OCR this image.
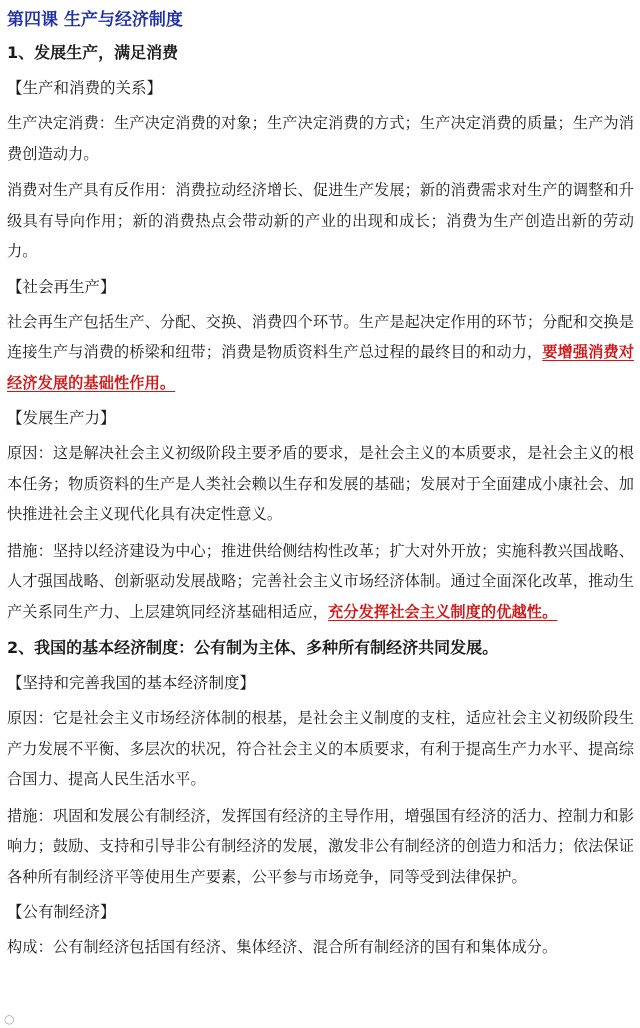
第四课 生产与经济制度
1、发展生产，满足消费
【生产和消费的关系】

生产决定消费：生产决定消费的对象；生产决定消费的方式；生产决定消费的质量；生产为消费创造动力。

消费对生产具有反作用：消费拉动经济增长、促进生产发展；新的消费需求对生产的调整和升级具有导向作用；新的消费热点会带动新的产业的出现和成长；消费为生产创造出新的劳动力。

【社会再生产】

社会再生产包括生产、分配、交换、消费四个环节。生产是起决定作用的环节；分配和交换是连接生产与消费的桥梁和纽带；消费是物质资料生产总过程的最终目的和动力，要增强消费对经济发展的基础性作用。

【发展生产力】

原因：这是解决社会主义初级阶段主要矛盾的要求，是社会主义的本质要求，是社会主义的根本任务；物质资料的生产是人类社会赖以生存和发展的基础；发展对于全面建成小康社会、加快推进社会主义现代化具有决定性意义。

措施：坚持以经济建设为中心；推进供给侧结构性改革；扩大对外开放；实施科教兴国战略、人才强国战略、创新驱动发展战略；完善社会主义市场经济体制。通过全面深化改革，推动生产关系同生产力、上层建筑同经济基础相适应，充分发挥社会主义制度的优越性。

2、我国的基本经济制度：公有制为主体、多种所有制经济共同发展。
【坚持和完善我国的基本经济制度】

原因：它是社会主义市场经济体制的根基，是社会主义制度的支柱，适应社会主义初级阶段生产力发展不平衡、多层次的状况，符合社会主义的本质要求，有利于提高生产力水平、提高综合国力、提高人民生活水平。

措施：巩固和发展公有制经济，发挥国有经济的主导作用，增强国有经济的活力、控制力和影响力；鼓励、支持和引导非公有制经济的发展，激发非公有制经济的创造力和活力；依法保证各种所有制经济平等使用生产要素，公平参与市场竞争，同等受到法律保护。

【公有制经济】

构成：公有制经济包括国有经济、集体经济、混合所有制经济的国有和集体成分。

○
